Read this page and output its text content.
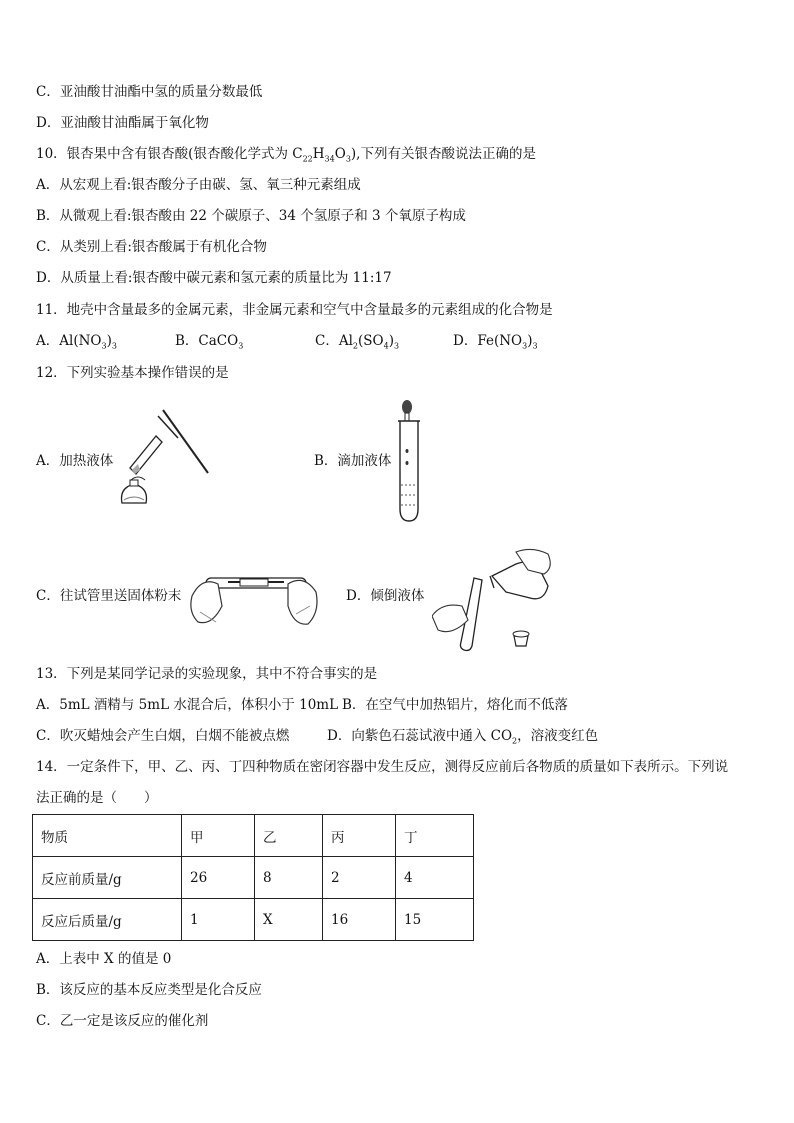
C．亚油酸甘油酯中氢的质量分数最低
D．亚油酸甘油酯属于氧化物
10．银杏果中含有银杏酸(银杏酸化学式为 $C_{22}H_{34}O_3$),下列有关银杏酸说法正确的是
A．从宏观上看:银杏酸分子由碳、氢、氧三种元素组成
B．从微观上看:银杏酸由 22 个碳原子、34 个氢原子和 3 个氧原子构成
C．从类别上看:银杏酸属于有机化合物
D．从质量上看:银杏酸中碳元素和氢元素的质量比为 11:17
11．地壳中含量最多的金属元素，非金属元素和空气中含量最多的元素组成的化合物是
A．$Al(NO_3)_3$	B．CaCO$_3$	C．$Al_2(SO_4)_3$	D．$Fe(NO_3)_3$
12．下列实验基本操作错误的是
A．加热液体	B．滴加液体
C．往试管里送固体粉末	D．倾倒液体
13．下列是某同学记录的实验现象，其中不符合事实的是
A．5mL 酒精与 5mL 水混合后，体积小于 10mL B．在空气中加热铝片，熔化而不低落
C．吹灭蜡烛会产生白烟，白烟不能被点燃	D．向紫色石蕊试液中通入 $CO_2$，溶液变红色
14．一定条件下，甲、乙、丙、丁四种物质在密闭容器中发生反应，测得反应前后各物质的质量如下表所示。下列说
法正确的是（　　）
物质	甲	乙	丙	丁
反应前质量/g	26	8	2	4
反应后质量/g	1	X	16	15
A．上表中 X 的值是 0
B．该反应的基本反应类型是化合反应
C．乙一定是该反应的催化剂
